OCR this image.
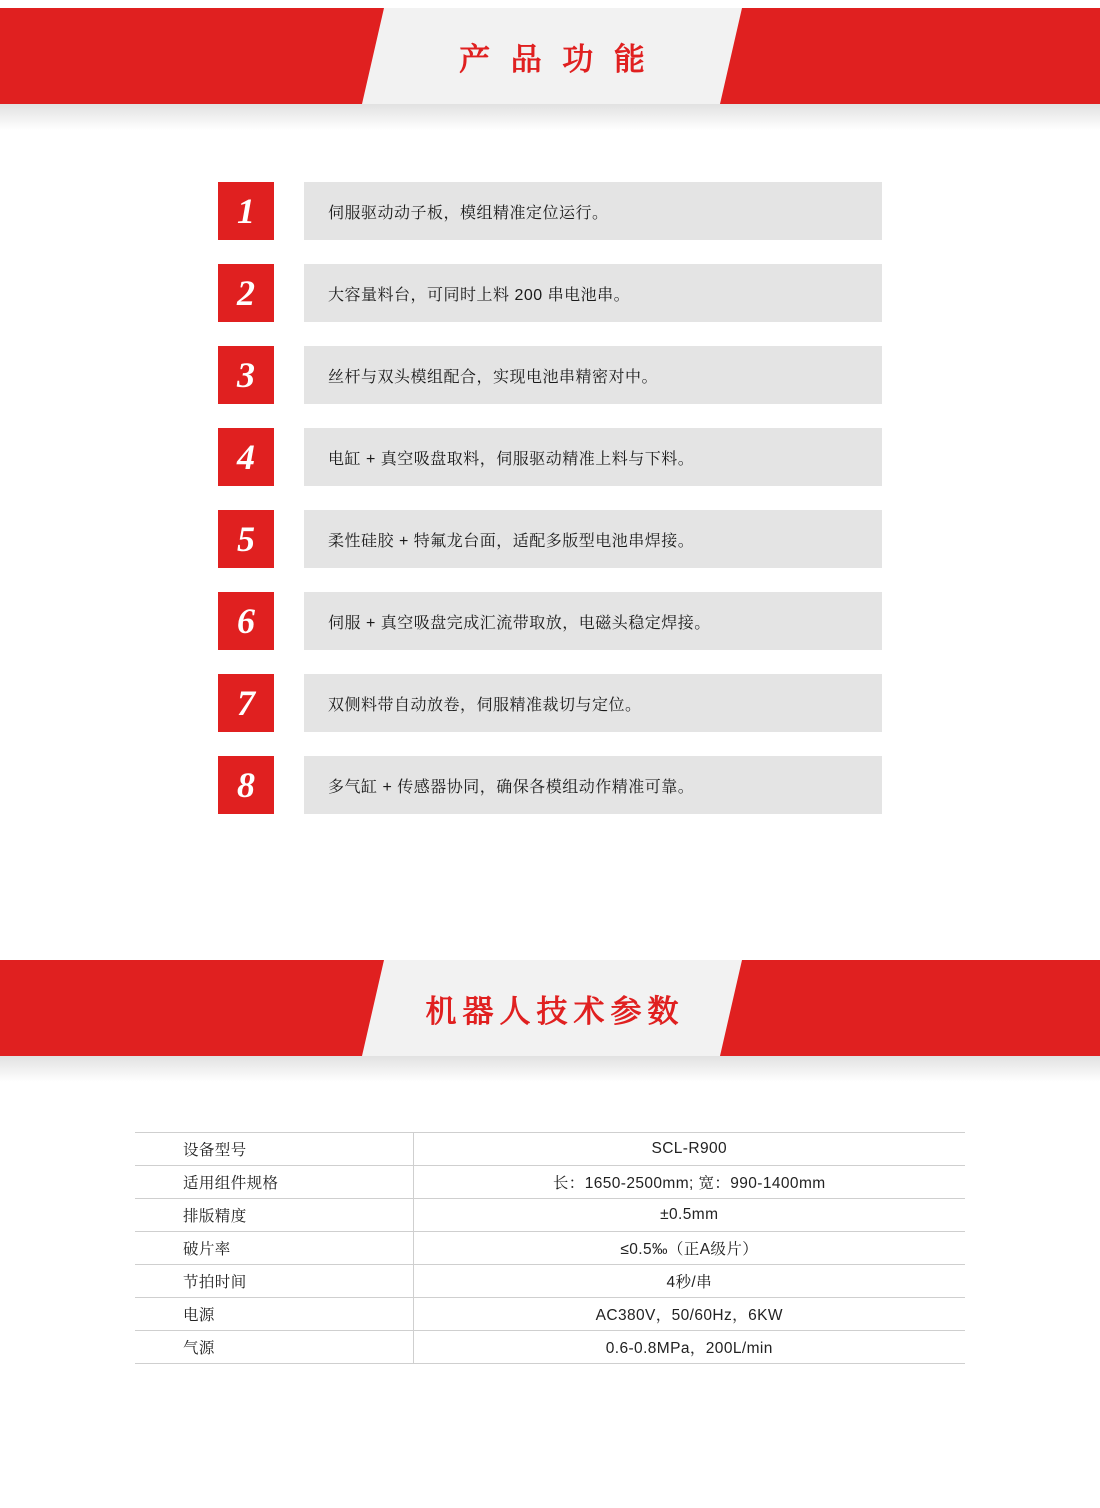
产 品 功 能
1	伺服驱动动子板，模组精准定位运行。
2	大容量料台，可同时上料 200 串电池串。
3	丝杆与双头模组配合，实现电池串精密对中。
4	电缸 + 真空吸盘取料，伺服驱动精准上料与下料。
5	柔性硅胶 + 特氟龙台面，适配多版型电池串焊接。
6	伺服 + 真空吸盘完成汇流带取放，电磁头稳定焊接。
7	双侧料带自动放卷，伺服精准裁切与定位。
8	多气缸 + 传感器协同，确保各模组动作精准可靠。
机器人技术参数
设备型号	SCL-R900
适用组件规格	长：1650-2500mm; 宽：990-1400mm
排版精度	±0.5mm
破片率	≤0.5‰（正A级片）
节拍时间	4秒/串
电源	AC380V，50/60Hz，6KW
气源	0.6-0.8MPa，200L/min
